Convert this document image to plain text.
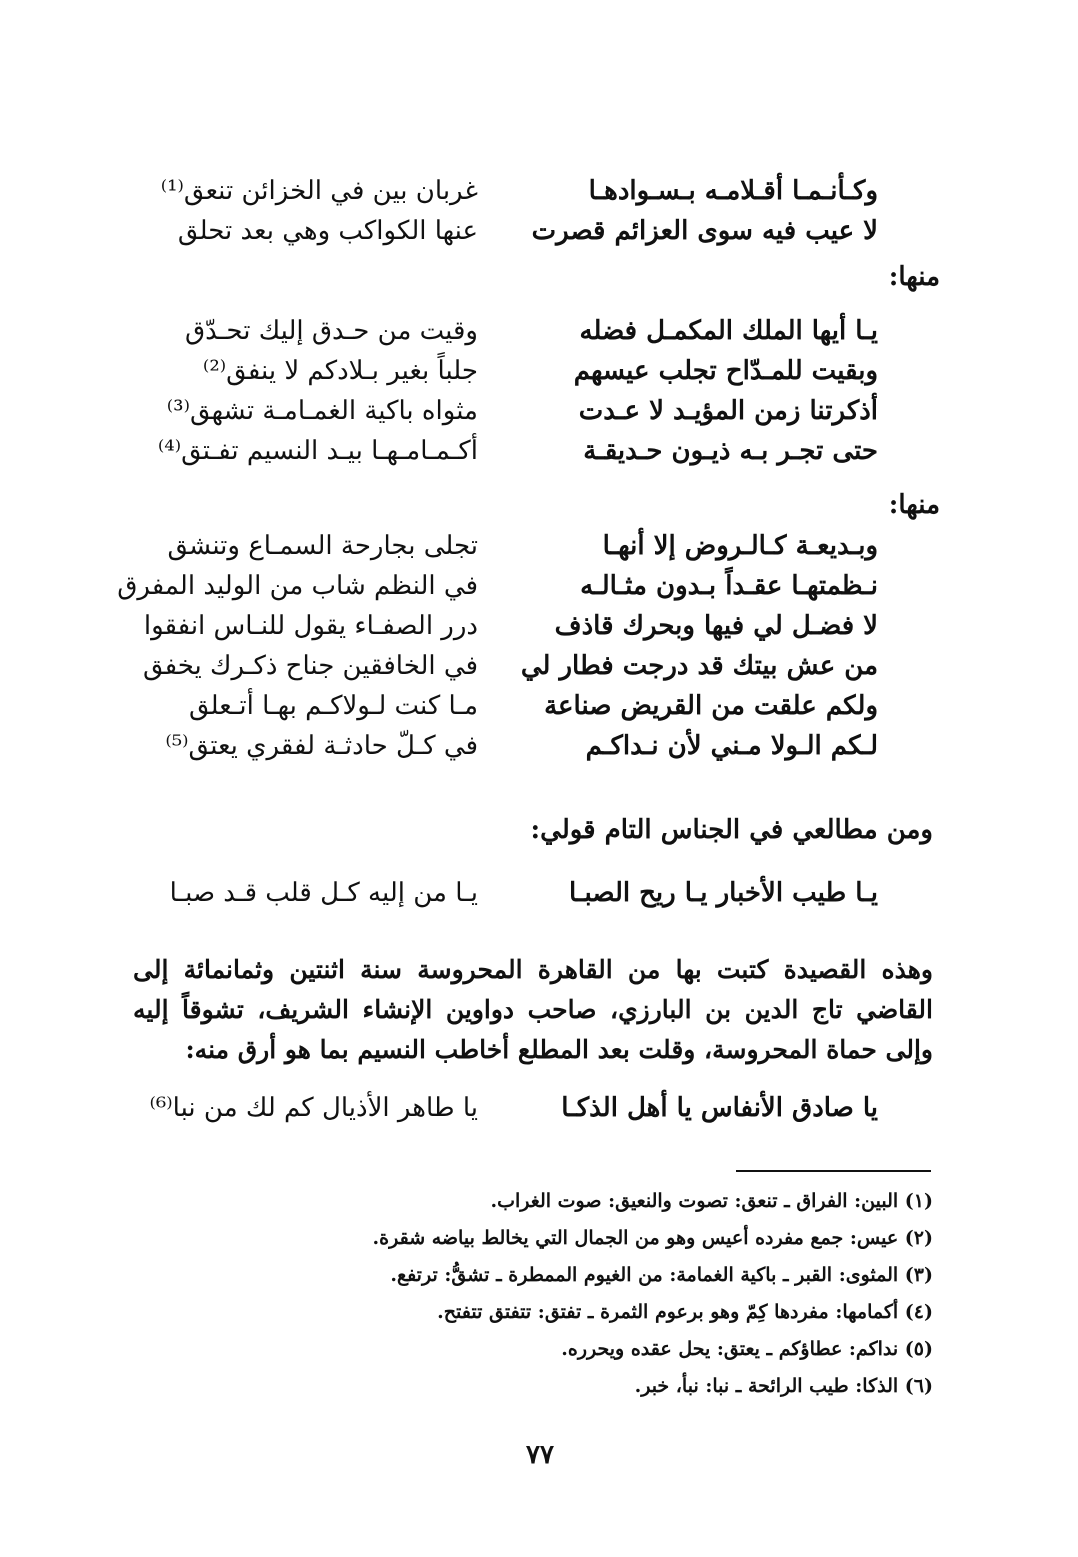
وكـأنـمـا أقـلامـه بـسـوادهـا
غربان بين في الخزائن تنعق⁽¹⁾
لا عيب فيه سوى العزائم قصرت
عنها الكواكب وهي بعد تحلق
منها:
يـا أيها الملك المكمـل فضله
وقيت من حـدق إليك تحـدّق
وبقيت للمـدّاح تجلب عيسهم
جلباً بغير بـلادكم لا ينفق⁽²⁾
أذكرتنا زمن المؤيـد لا عـدت
مثواه باكية الغمـامـة تشهق⁽³⁾
حتى تجـر بـه ذيـون حـديقـة
أكـمـامـهـا بيـد النسيم تفـتق⁽⁴⁾
منها:
وبـديعـة كـالـروض إلا أنهـا
تجلى بجارحة السمـاع وتنشق
نـظمتهـا عقـداً بـدون مثـالـه
في النظم شاب من الوليد المفرق
لا فضـل لي فيها وبحرك قاذف
درر الصفـاء يقول للنـاس انفقوا
من عش بيتك قد درجت فطار لي
في الخافقين جناح ذكـرك يخفق
ولكم علقت من القريض صناعة
مـا كنت لـولاكـم بهـا أتـعلق
لـكم الـولا مـني لأن نـداكـم
في كـلّ حادثـة لفقري يعتق⁽⁵⁾
ومن مطالعي في الجناس التام قولي:
يـا طيب الأخبار يـا ريح الصبـا
يـا من إليه كـل قلب قـد صبـا
وهذه القصيدة كتبت بها من القاهرة المحروسة سنة اثنتين وثمانمائة إلى القاضي تاج الدين بن البارزي، صاحب دواوين الإنشاء الشريف، تشوقاً إليه وإلى حماة المحروسة، وقلت بعد المطلع أخاطب النسيم بما هو أرق منه:
يا صادق الأنفاس يا أهل الذكـا
يا طاهر الأذيال كم لك من نبا⁽⁶⁾
(١) البين: الفراق ـ تنعق: تصوت والنعيق: صوت الغراب.
(٢) عيس: جمع مفرده أعيس وهو من الجمال التي يخالط بياضه شقرة.
(٣) المثوى: القبر ـ باكية الغمامة: من الغيوم الممطرة ـ تشقُّ: ترتفع.
(٤) أكمامها: مفردها كِمّ وهو برعوم الثمرة ـ تفتق: تتفتق تتفتح.
(٥) نداكم: عطاؤكم ـ يعتق: يحل عقده ويحرره.
(٦) الذكا: طيب الرائحة ـ نبا: نبأ، خبر.
٧٧
